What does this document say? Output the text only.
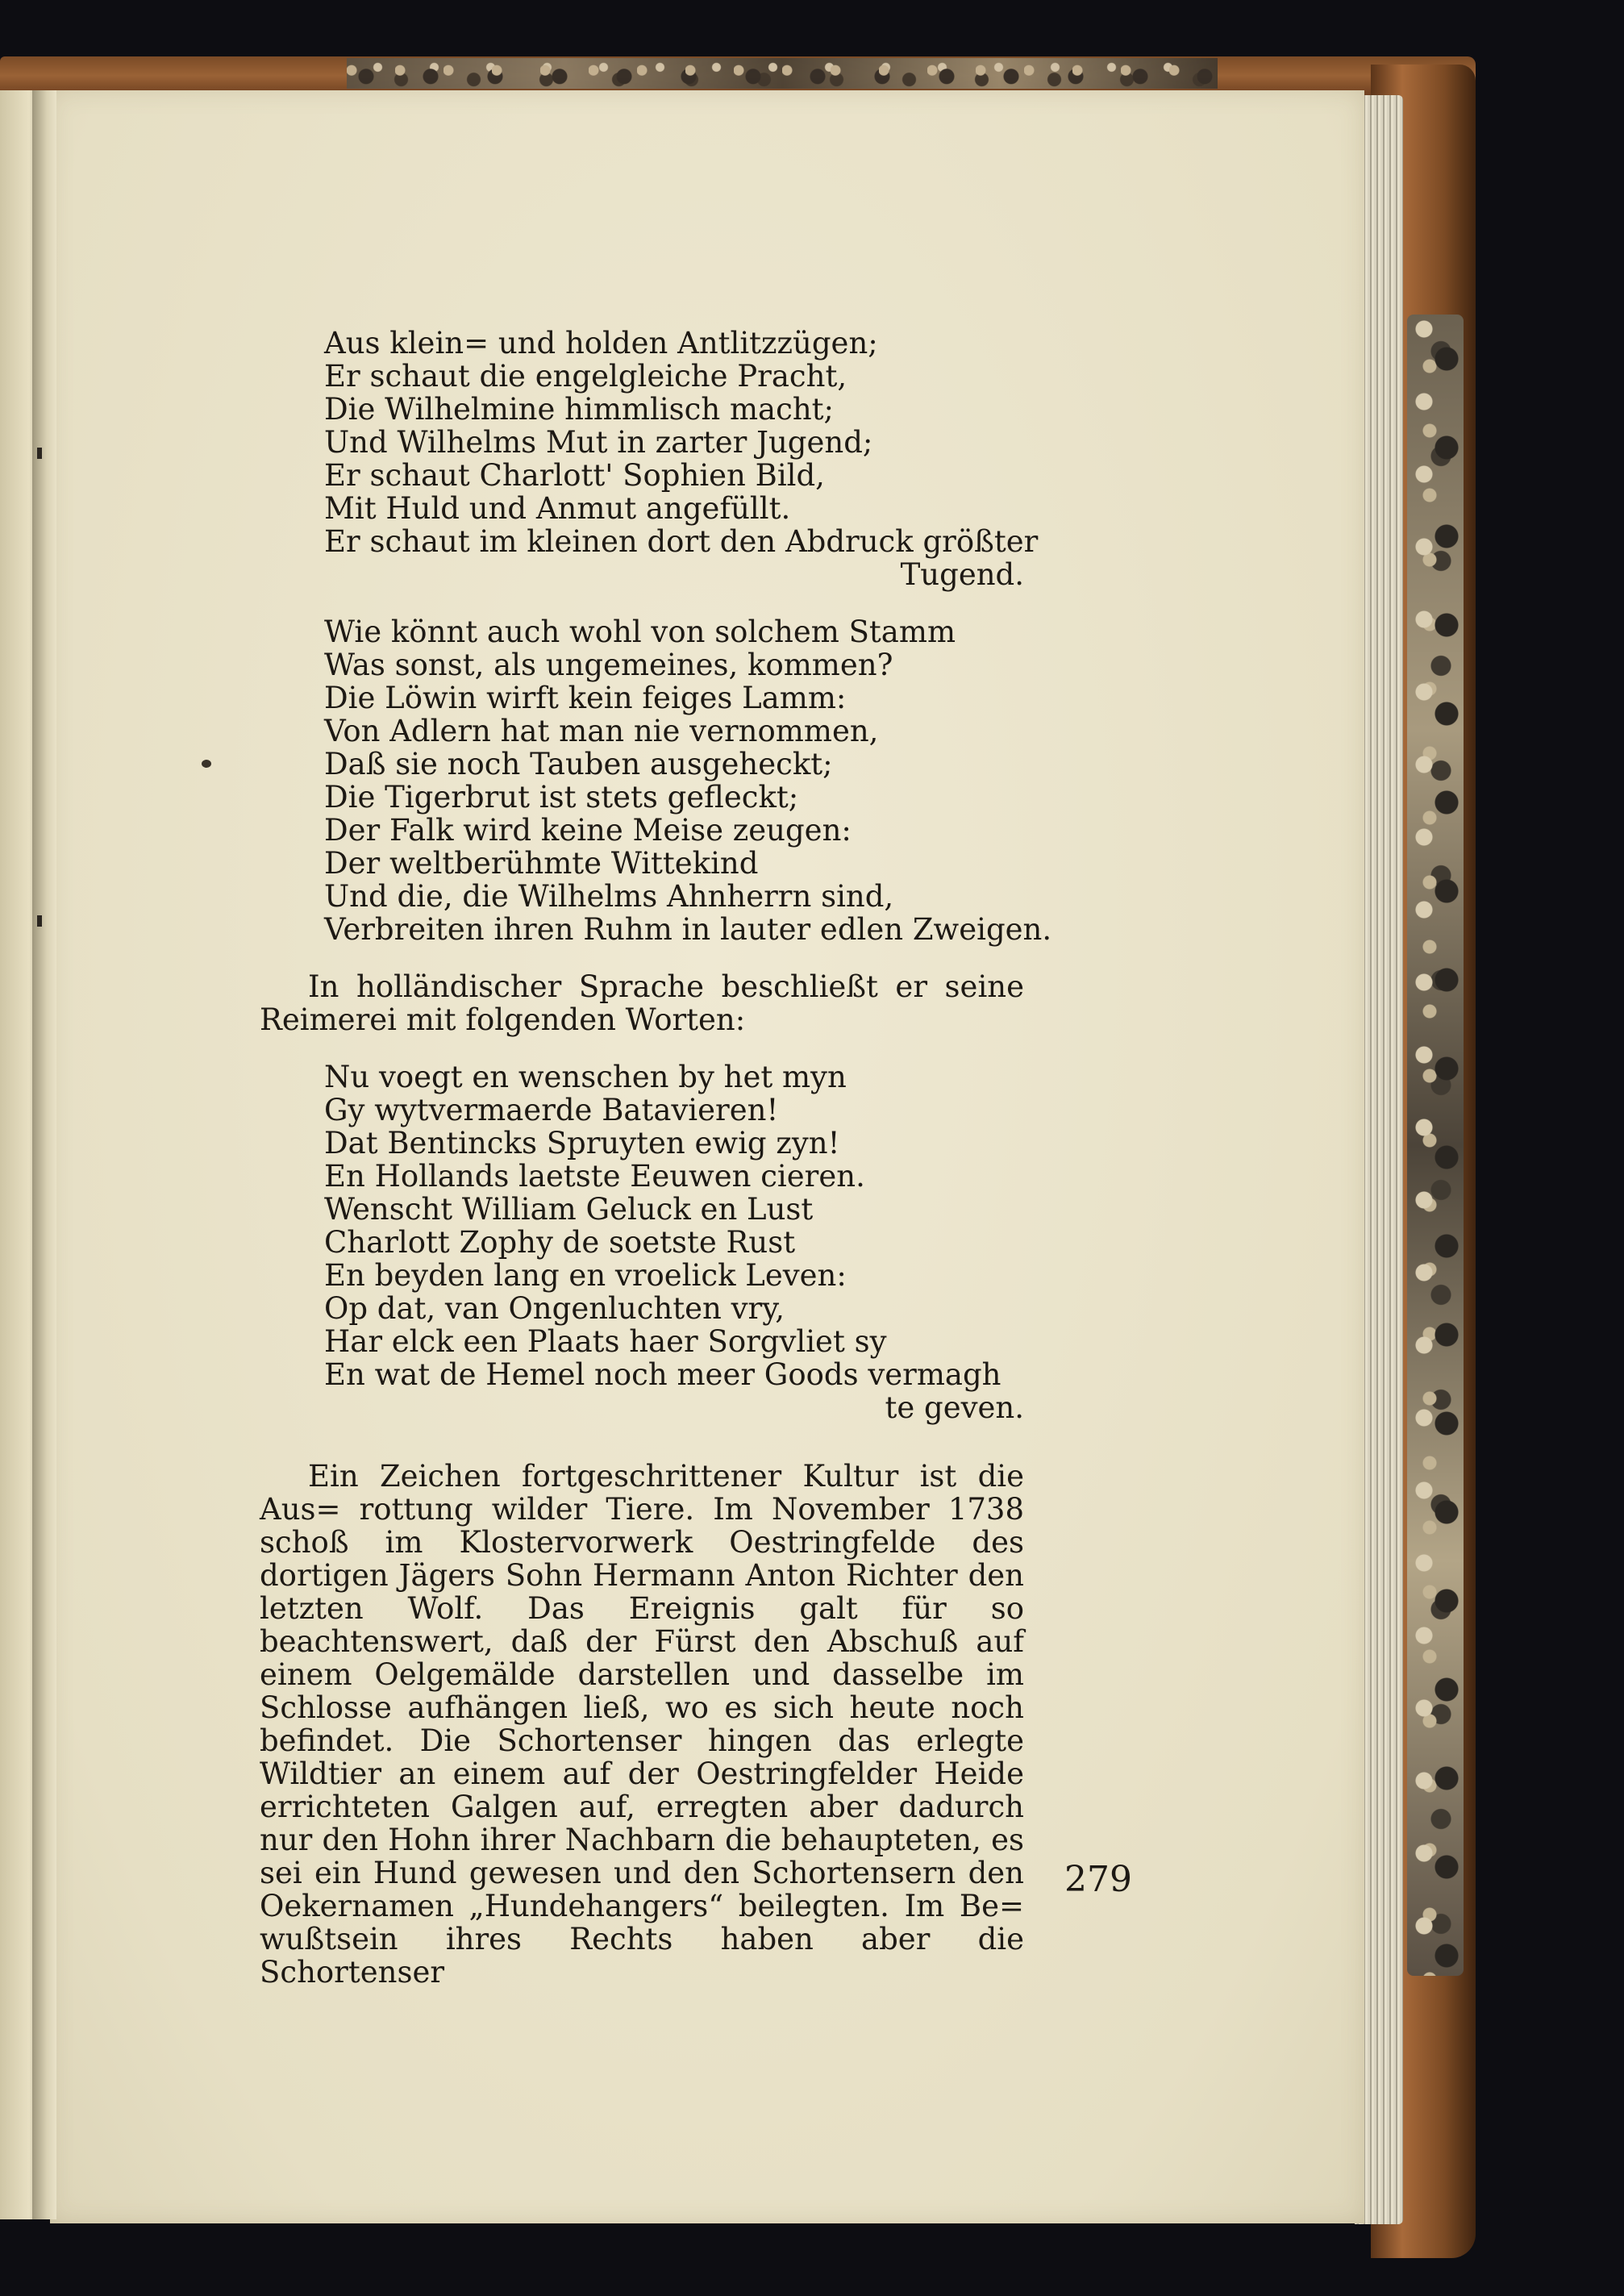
Aus klein= und holden Antlitzzügen;
Er schaut die engelgleiche Pracht,
Die Wilhelmine himmlisch macht;
Und Wilhelms Mut in zarter Jugend;
Er schaut Charlott' Sophien Bild,
Mit Huld und Anmut angefüllt.
Er schaut im kleinen dort den Abdruck größter
Tugend.
Wie könnt auch wohl von solchem Stamm
Was sonst, als ungemeines, kommen?
Die Löwin wirft kein feiges Lamm:
Von Adlern hat man nie vernommen,
Daß sie noch Tauben ausgeheckt;
Die Tigerbrut ist stets gefleckt;
Der Falk wird keine Meise zeugen:
Der weltberühmte Wittekind
Und die, die Wilhelms Ahnherrn sind,
Verbreiten ihren Ruhm in lauter edlen Zweigen.

In holländischer Sprache beschließt er seine Reimerei mit folgenden Worten:

Nu voegt en wenschen by het myn
Gy wytvermaerde Batavieren!
Dat Bentincks Spruyten ewig zyn!
En Hollands laetste Eeuwen cieren.
Wenscht William Geluck en Lust
Charlott Zophy de soetste Rust
En beyden lang en vroelick Leven:
Op dat, van Ongenluchten vry,
Har elck een Plaats haer Sorgvliet sy
En wat de Hemel noch meer Goods vermagh
te geven.

Ein Zeichen fortgeschrittener Kultur ist die Aus= rottung wilder Tiere. Im November 1738 schoß im Klostervorwerk Oestringfelde des dortigen Jägers Sohn Hermann Anton Richter den letzten Wolf. Das Ereignis galt für so beachtenswert, daß der Fürst den Abschuß auf einem Oelgemälde darstellen und dasselbe im Schlosse aufhängen ließ, wo es sich heute noch befindet. Die Schortenser hingen das erlegte Wildtier an einem auf der Oestringfelder Heide errichteten Galgen auf, erregten aber dadurch nur den Hohn ihrer Nachbarn die behaupteten, es sei ein Hund gewesen und den Schortensern den Oekernamen „Hundehangers“ beilegten. Im Be= wußtsein ihres Rechts haben aber die Schortenser

279
